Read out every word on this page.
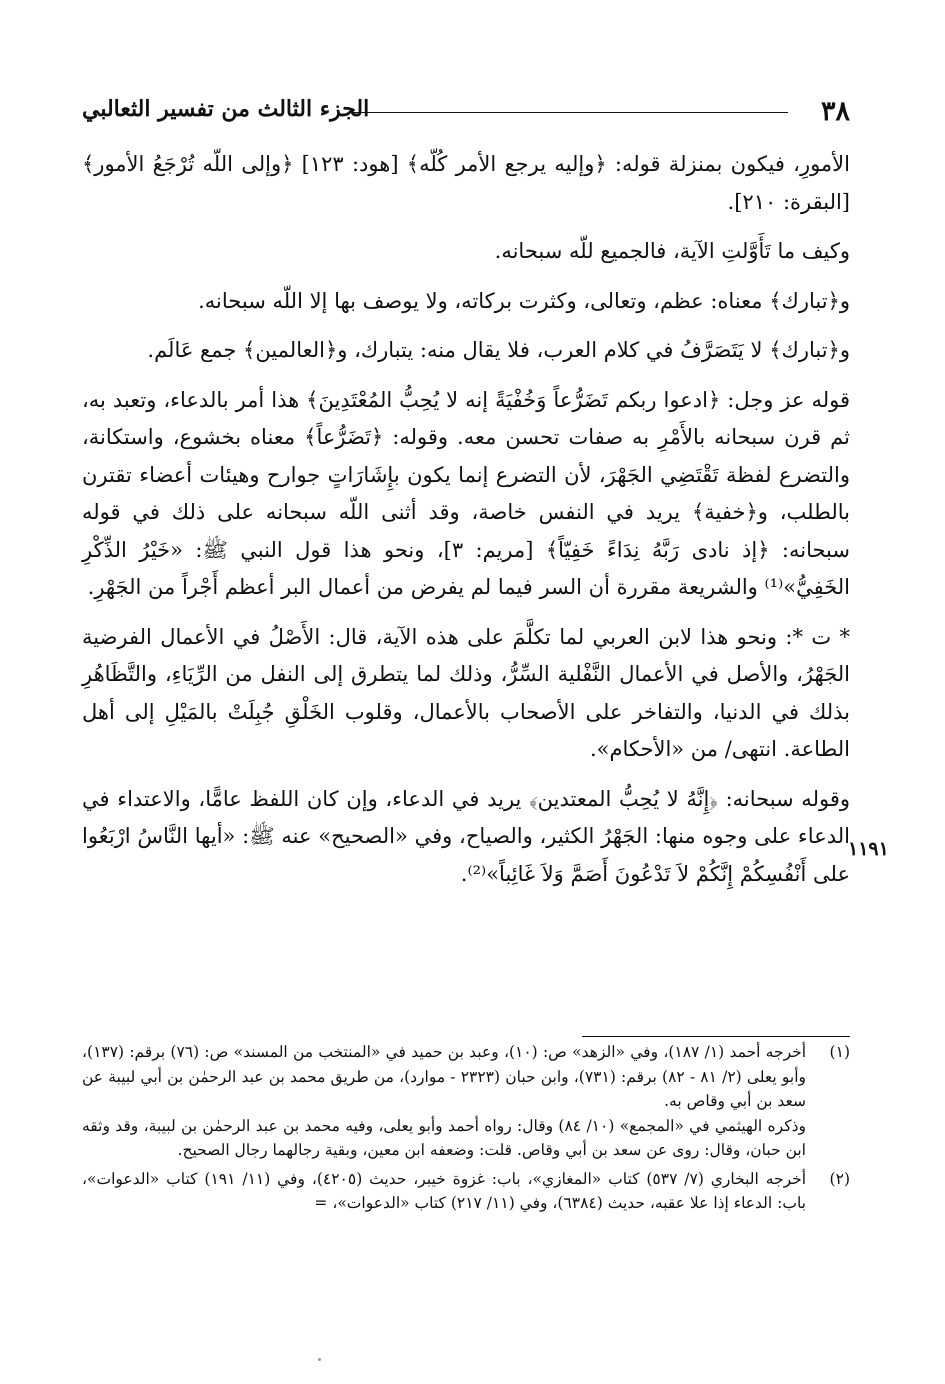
٣٨
الجزء الثالث من تفسير الثعالبي

الأمورِ، فيكون بمنزلة قوله: ﴿وإليه يرجع الأمر كُلّه﴾ [هود: ١٢٣] ﴿وإلى اللّه تُرْجَعُ الأمور﴾ [البقرة: ٢١٠].

وكيف ما تَأَوَّلتِ الآية، فالجميع للّه سبحانه.

و﴿تبارك﴾ معناه: عظم، وتعالى، وكثرت بركاته، ولا يوصف بها إلا اللّه سبحانه.

و﴿تبارك﴾ لا يَتَصَرَّفُ في كلام العرب، فلا يقال منه: يتبارك، و﴿العالمين﴾ جمع عَالَم.

قوله عز وجل: ﴿ادعوا ربكم تَضَرُّعاً وَخُفْيَةً إنه لا يُحِبُّ المُعْتَدِينَ﴾ هذا أمر بالدعاء، وتعبد به، ثم قرن سبحانه بالأَمْرِ به صفات تحسن معه. وقوله: ﴿تَضَرُّعاً﴾ معناه بخشوع، واستكانة، والتضرع لفظة تَقْتَضِي الجَهْرَ، لأن التضرع إنما يكون بإِشَارَاتٍ جوارح وهيئات أعضاء تقترن بالطلب، و﴿خفية﴾ يريد في النفس خاصة، وقد أثنى اللّه سبحانه على ذلك في قوله سبحانه: ﴿إذ نادى رَبَّهُ نِدَاءً خَفِيّاً﴾ [مريم: ٣]، ونحو هذا قول النبي ﷺ: «خَيْرُ الذِّكْرِ الخَفِيُّ»⁽¹⁾ والشريعة مقررة أن السر فيما لم يفرض من أعمال البر أعظم أَجْراً من الجَهْرِ.

* ت *: ونحو هذا لابن العربي لما تكلَّمَ على هذه الآية، قال: الأَصْلُ في الأعمال الفرضية الجَهْرُ، والأصل في الأعمال النَّفْلية السِّرُّ، وذلك لما يتطرق إلى النفل من الرِّيَاءِ، والتَّظَاهُرِ بذلك في الدنيا، والتفاخر على الأصحاب بالأعمال، وقلوب الخَلْقِ جُبِلَتْ بالمَيْلِ إلى أهل الطاعة. انتهى/ من «الأحكام».

وقوله سبحانه: ﴿إِنَّهُ لا يُحِبُّ المعتدين﴾ يريد في الدعاء، وإن كان اللفظ عامًّا، والاعتداء في الدعاء على وجوه منها: الجَهْرُ الكثير، والصياح، وفي «الصحيح» عنه ﷺ: «أيها النَّاسُ ارْبَعُوا على أَنْفُسِكُمْ إِنَّكُمْ لاَ تَدْعُونَ أَصَمَّ وَلاَ غَائِباً»⁽²⁾.

١١٩١
(١)

أخرجه أحمد (١/ ١٨٧)، وفي «الزهد» ص: (١٠)، وعبد بن حميد في «المنتخب من المسند» ص: (٧٦) برقم: (١٣٧)، وأبو يعلى (٢/ ٨١ - ٨٢) برقم: (٧٣١)، وابن حبان (٢٣٢٣ - موارد)، من طريق محمد بن عبد الرحمٰن بن أبي لبيبة عن سعد بن أبي وقاص به.

وذكره الهيثمي في «المجمع» (١٠/ ٨٤) وقال: رواه أحمد وأبو يعلى، وفيه محمد بن عبد الرحمٰن بن لبيبة، وقد وثقه ابن حبان، وقال: روى عن سعد بن أبي وقاص. قلت: وضعفه ابن معين، وبقية رجالهما رجال الصحيح.

(٢)

أخرجه البخاري (٧/ ٥٣٧) كتاب «المغازي»، باب: غزوة خيبر، حديث (٤٢٠٥)، وفي (١١/ ١٩١) كتاب «الدعوات»، باب: الدعاء إذا علا عقبه، حديث (٦٣٨٤)، وفي (١١/ ٢١٧) كتاب «الدعوات»، =
